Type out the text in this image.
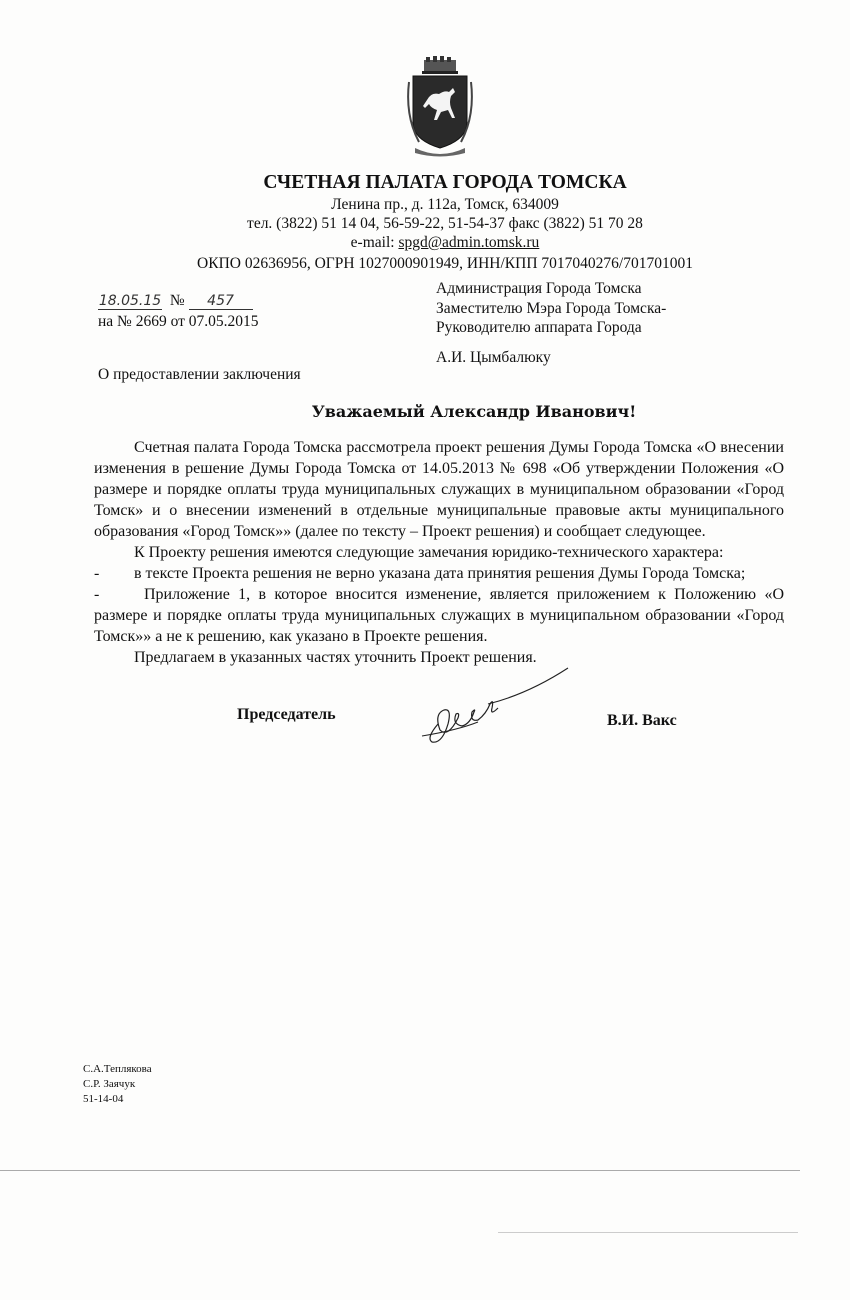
СЧЕТНАЯ ПАЛАТА ГОРОДА ТОМСКА
Ленина пр., д. 112а, Томск, 634009
тел. (3822) 51 14 04, 56-59-22, 51-54-37 факс (3822) 51 70 28
e-mail: spgd@admin.tomsk.ru
ОКПО 02636956, ОГРН 1027000901949, ИНН/КПП 7017040276/701701001
18.05.15 № 457
на № 2669 от 07.05.2015
Администрация Города Томска
Заместителю Мэра Города Томска-
Руководителю аппарата Города
А.И. Цымбалюку
О предоставлении заключения
Уважаемый Александр Иванович!

Счетная палата Города Томска рассмотрела проект решения Думы Города Томска «О внесении изменения в решение Думы Города Томска от 14.05.2013 № 698 «Об утверждении Положения «О размере и порядке оплаты труда муниципальных служащих в муниципальном образовании «Город Томск» и о внесении изменений в отдельные муниципальные правовые акты муниципального образования «Город Томск»» (далее по тексту – Проект решения) и сообщает следующее.

К Проекту решения имеются следующие замечания юридико-технического характера:

-	в тексте Проекта решения не верно указана дата принятия решения Думы Города Томска;

-	Приложение 1, в которое вносится изменение, является приложением к Положению «О размере и порядке оплаты труда муниципальных служащих в муниципальном образовании «Город Томск»» а не к решению, как указано в Проекте решения.

Предлагаем в указанных частях уточнить Проект решения.

Председатель	В.И. Вакс
С.А.Теплякова
С.Р. Заячук
51-14-04
